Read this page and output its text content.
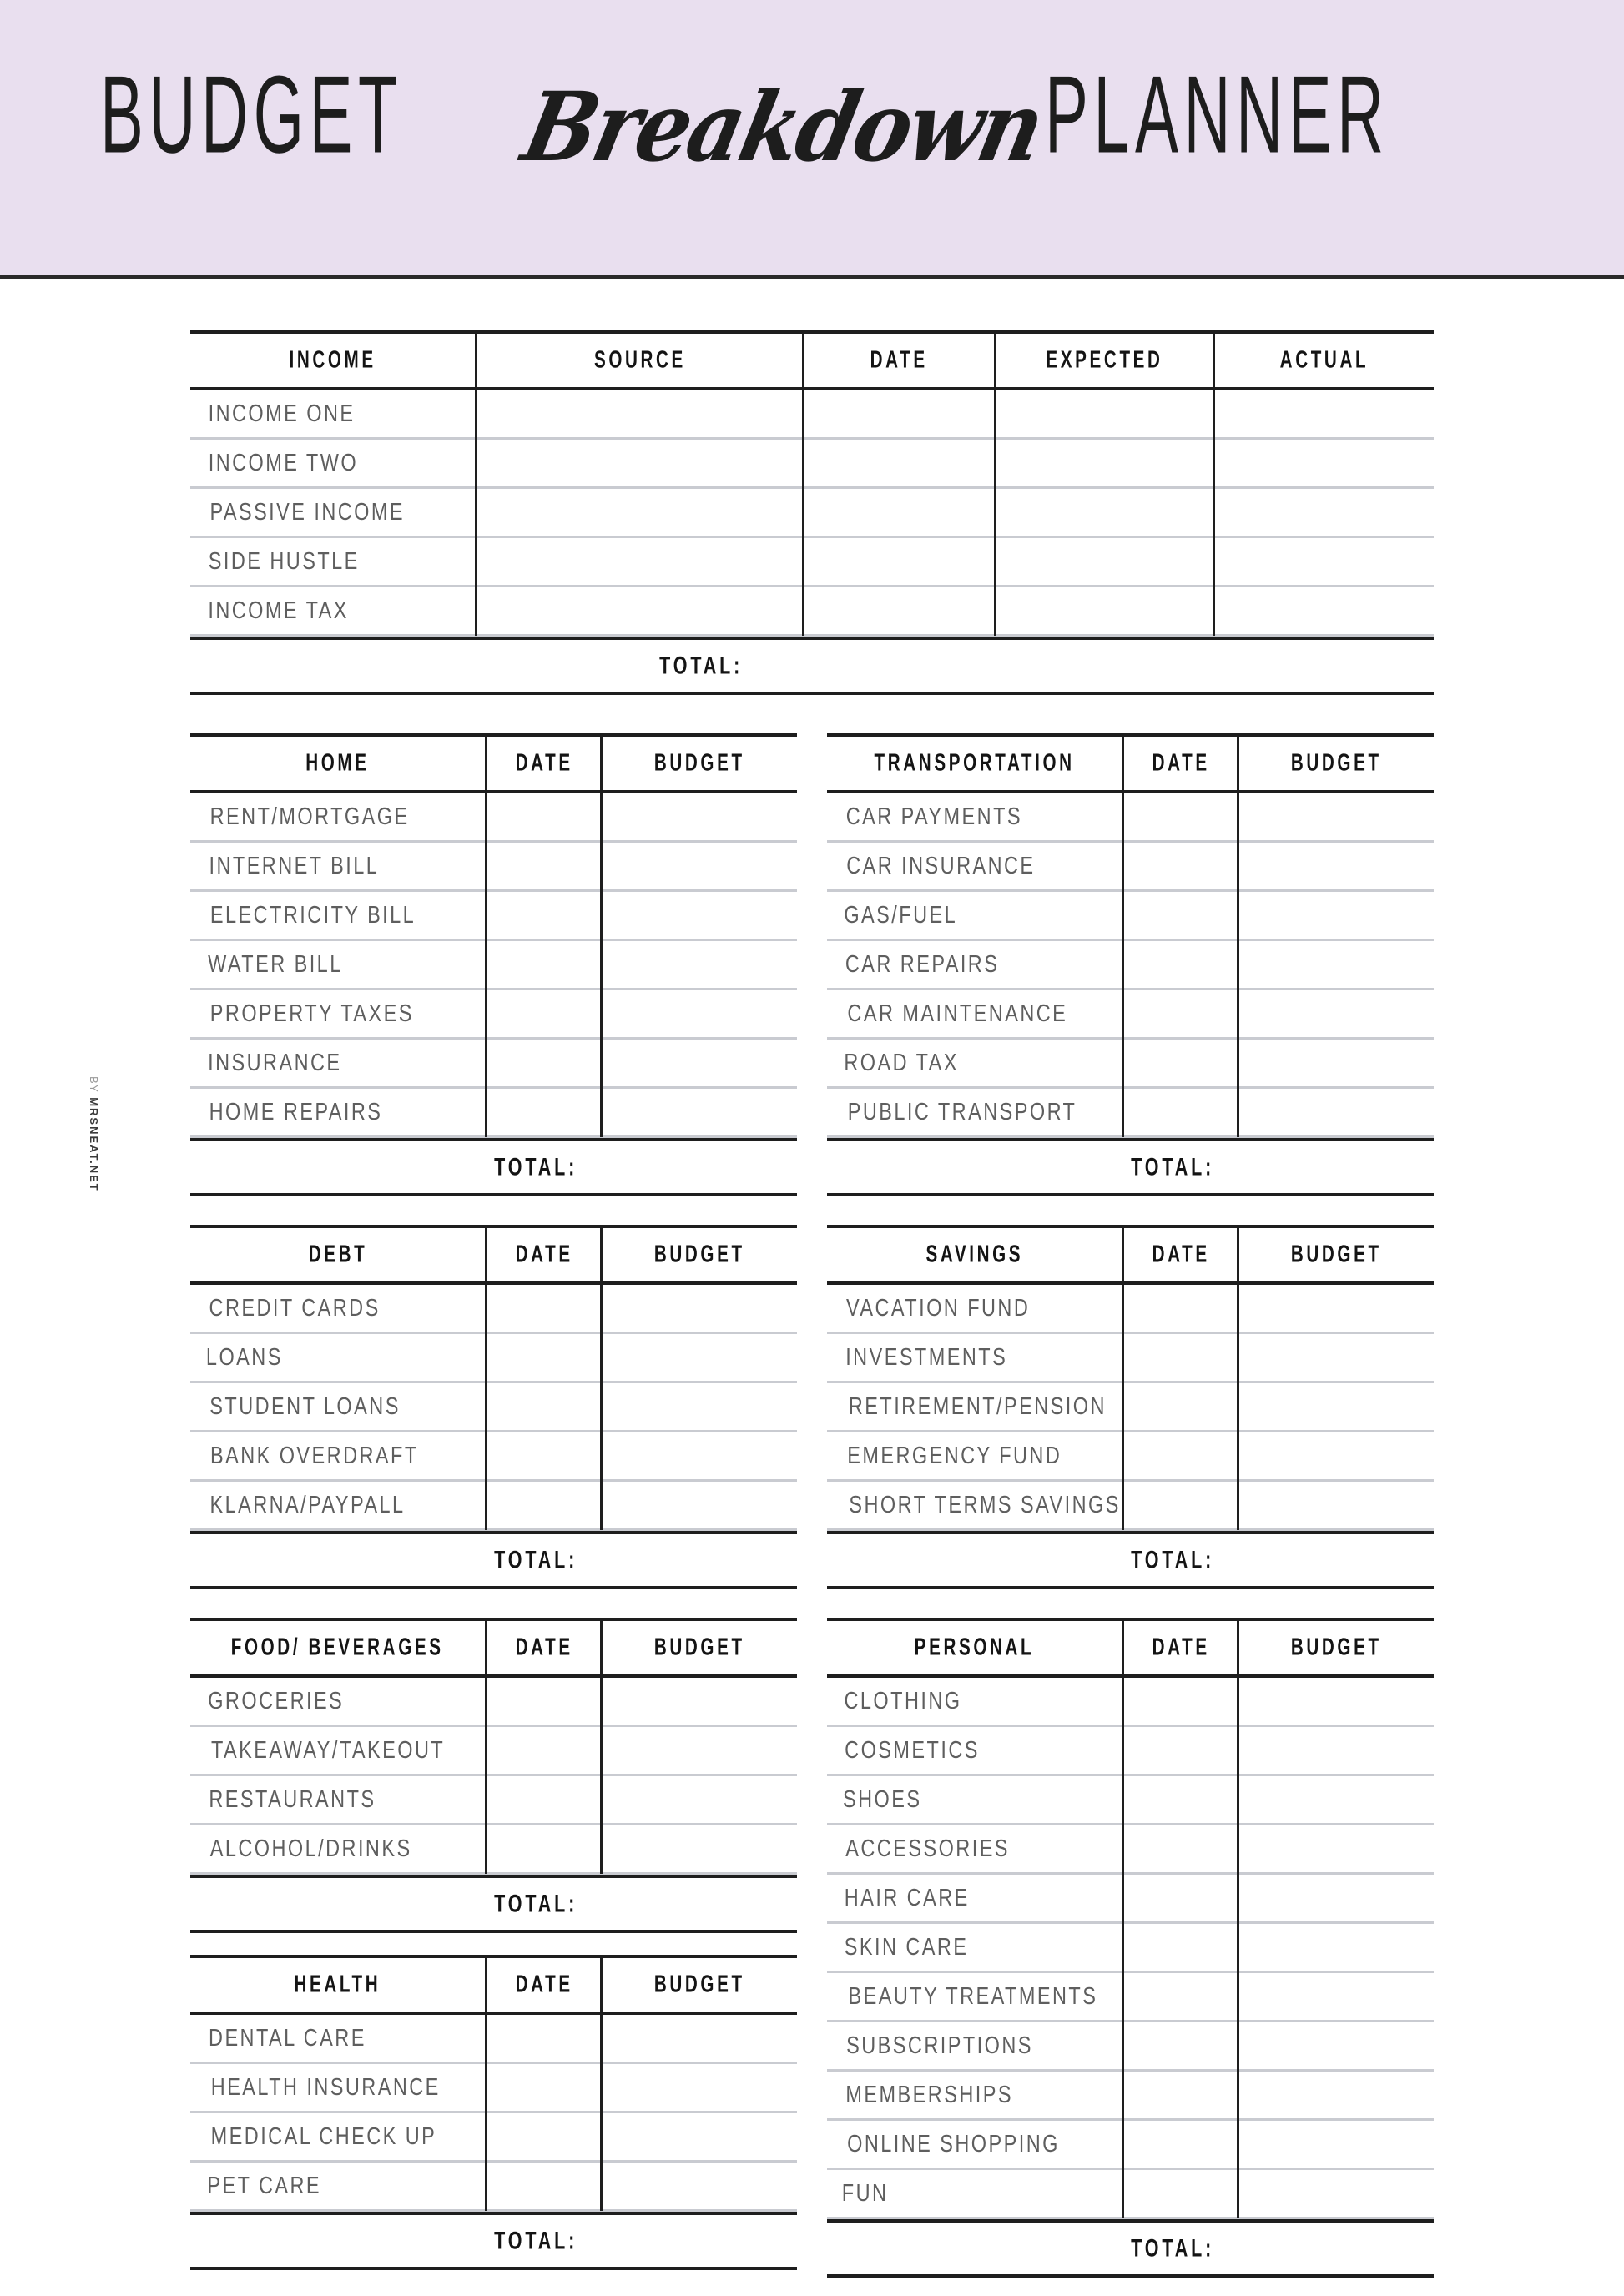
BUDGET BreakdownPLANNER
BY MRSNEAT.NET
INCOME	SOURCE	DATE	EXPECTED	ACTUAL
INCOME ONE
INCOME TWO
PASSIVE INCOME
SIDE HUSTLE
INCOME TAX
TOTAL:
HOME	DATE	BUDGET
RENT/MORTGAGE
INTERNET BILL
ELECTRICITY BILL
WATER BILL
PROPERTY TAXES
INSURANCE
HOME REPAIRS
TOTAL:
TRANSPORTATION	DATE	BUDGET
CAR PAYMENTS
CAR INSURANCE
GAS/FUEL
CAR REPAIRS
CAR MAINTENANCE
ROAD TAX
PUBLIC TRANSPORT
TOTAL:
DEBT	DATE	BUDGET
CREDIT CARDS
LOANS
STUDENT LOANS
BANK OVERDRAFT
KLARNA/PAYPALL
TOTAL:
SAVINGS	DATE	BUDGET
VACATION FUND
INVESTMENTS
RETIREMENT/PENSION
EMERGENCY FUND
SHORT TERMS SAVINGS
TOTAL:
FOOD/ BEVERAGES	DATE	BUDGET
GROCERIES
TAKEAWAY/TAKEOUT
RESTAURANTS
ALCOHOL/DRINKS
TOTAL:
HEALTH	DATE	BUDGET
DENTAL CARE
HEALTH INSURANCE
MEDICAL CHECK UP
PET CARE
TOTAL:
PERSONAL	DATE	BUDGET
CLOTHING
COSMETICS
SHOES
ACCESSORIES
HAIR CARE
SKIN CARE
BEAUTY TREATMENTS
SUBSCRIPTIONS
MEMBERSHIPS
ONLINE SHOPPING
FUN
TOTAL:
